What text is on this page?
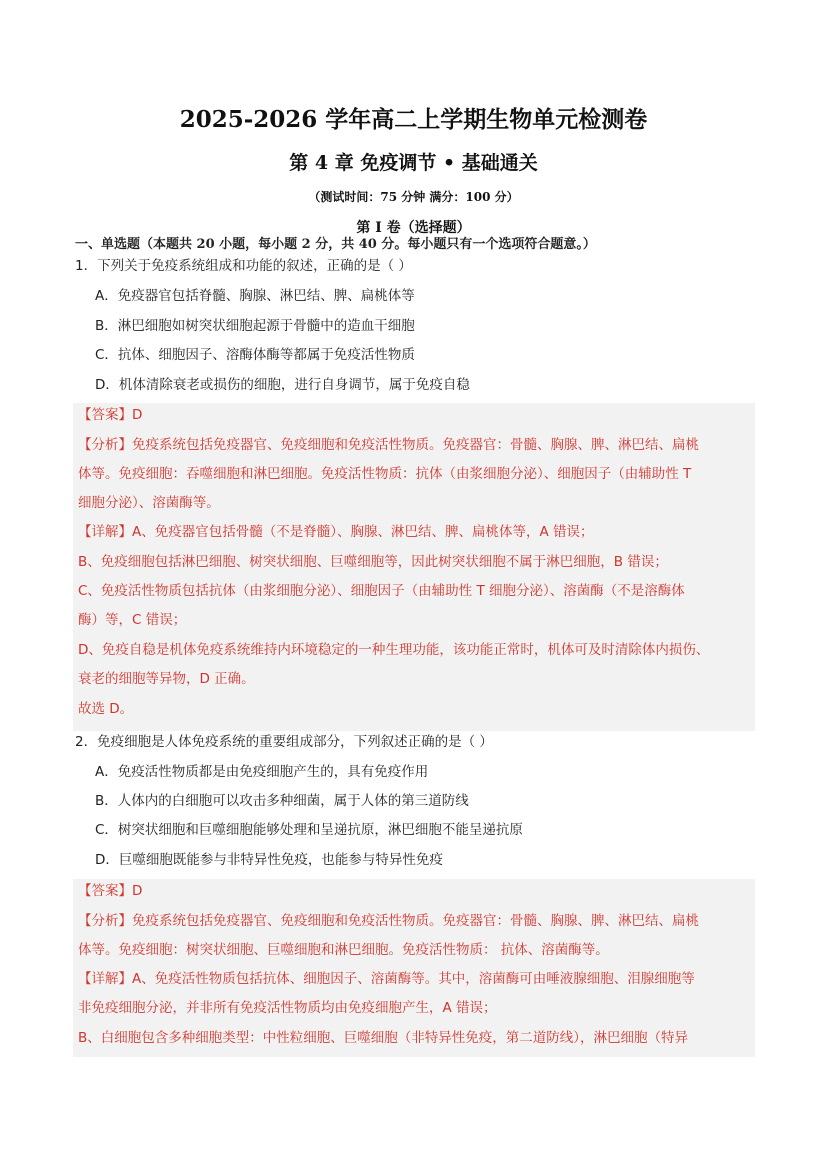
2025-2026 学年高二上学期生物单元检测卷
第 4 章 免疫调节 • 基础通关
（测试时间：75 分钟 满分：100 分）
第 I 卷（选择题）
一、单选题（本题共 20 小题，每小题 2 分，共 40 分。每小题只有一个选项符合题意。）
1．下列关于免疫系统组成和功能的叙述，正确的是（ ）
A．免疫器官包括脊髓、胸腺、淋巴结、脾、扁桃体等
B．淋巴细胞如树突状细胞起源于骨髓中的造血干细胞
C．抗体、细胞因子、溶酶体酶等都属于免疫活性物质
D．机体清除衰老或损伤的细胞，进行自身调节，属于免疫自稳
【答案】D
【分析】免疫系统包括免疫器官、免疫细胞和免疫活性物质。免疫器官：骨髓、胸腺、脾、淋巴结、扁桃
体等。免疫细胞：吞噬细胞和淋巴细胞。免疫活性物质：抗体（由浆细胞分泌）、细胞因子（由辅助性 T
细胞分泌）、溶菌酶等。
【详解】A、免疫器官包括骨髓（不是脊髓）、胸腺、淋巴结、脾、扁桃体等，A 错误；
B、免疫细胞包括淋巴细胞、树突状细胞、巨噬细胞等，因此树突状细胞不属于淋巴细胞，B 错误；
C、免疫活性物质包括抗体（由浆细胞分泌）、细胞因子（由辅助性 T 细胞分泌）、溶菌酶（不是溶酶体
酶）等，C 错误；
D、免疫自稳是机体免疫系统维持内环境稳定的一种生理功能，该功能正常时，机体可及时清除体内损伤、
衰老的细胞等异物，D 正确。
故选 D。
2．免疫细胞是人体免疫系统的重要组成部分，下列叙述正确的是（ ）
A．免疫活性物质都是由免疫细胞产生的，具有免疫作用
B．人体内的白细胞可以攻击多种细菌，属于人体的第三道防线
C．树突状细胞和巨噬细胞能够处理和呈递抗原，淋巴细胞不能呈递抗原
D．巨噬细胞既能参与非特异性免疫，也能参与特异性免疫
【答案】D
【分析】免疫系统包括免疫器官、免疫细胞和免疫活性物质。免疫器官：骨髓、胸腺、脾、淋巴结、扁桃
体等。免疫细胞：树突状细胞、巨噬细胞和淋巴细胞。免疫活性物质： 抗体、溶菌酶等。
【详解】A、免疫活性物质包括抗体、细胞因子、溶菌酶等。其中，溶菌酶可由唾液腺细胞、泪腺细胞等
非免疫细胞分泌，并非所有免疫活性物质均由免疫细胞产生，A 错误；
B、白细胞包含多种细胞类型：中性粒细胞、巨噬细胞（非特异性免疫，第二道防线），淋巴细胞（特异
